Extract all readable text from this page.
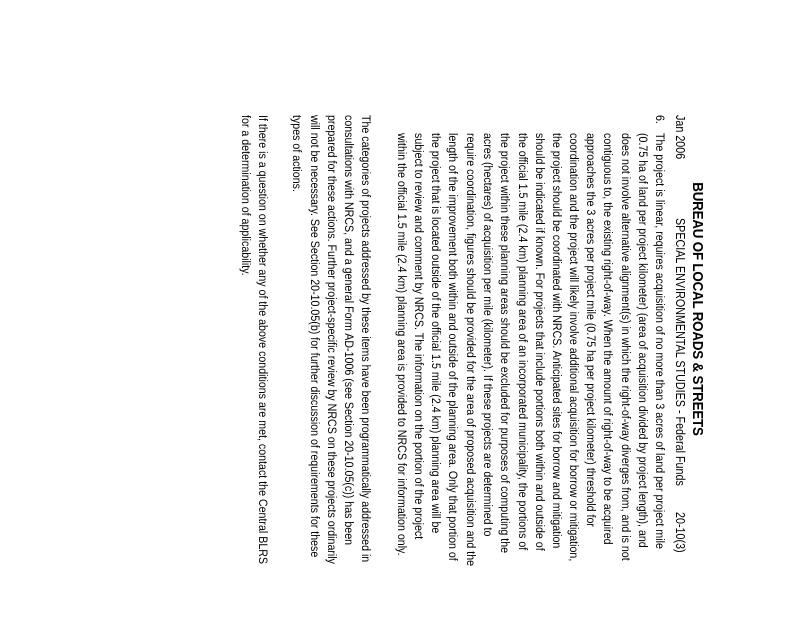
BUREAU OF LOCAL ROADS & STREETS
Jan 2006
SPECIAL ENVIRONMENTAL STUDIES - Federal Funds
20-10(3)
6.
The project is linear, requires acquisition of no more than 3 acres of land per project mile
(0.75 ha of land per project kilometer) (area of acquisition divided by project length), and
does not involve alternative alignment(s) in which the right-of-way diverges from, and is not
contiguous to, the existing right-of-way. When the amount of right-of-way to be acquired
approaches the 3 acres per project mile (0.75 ha per project kilometer) threshold for
coordination and the project will likely involve additional acquisition for borrow or mitigation,
the project should be coordinated with NRCS. Anticipated sites for borrow and mitigation
should be indicated if known. For projects that include portions both within and outside of
the official 1.5 mile (2.4 km) planning area of an incorporated municipality, the portions of
the project within these planning areas should be excluded for purposes of computing the
acres (hectares) of acquisition per mile (kilometer). If these projects are determined to
require coordination, figures should be provided for the area of proposed acquisition and the
length of the improvement both within and outside of the planning area. Only that portion of
the project that is located outside of the official 1.5 mile (2.4 km) planning area will be
subject to review and comment by NRCS. The information on the portion of the project
within the official 1.5 mile (2.4 km) planning area is provided to NRCS for information only.
The categories of projects addressed by these items have been programmatically addressed in
consultations with NRCS, and a general Form AD-1006 (see Section 20-10.05(c)) has been
prepared for these actions. Further project-specific review by NRCS on these projects ordinarily
will not be necessary. See Section 20-10.05(b) for further discussion of requirements for these
types of actions.
If there is a question on whether any of the above conditions are met, contact the Central BLRS
for a determination of applicability.
